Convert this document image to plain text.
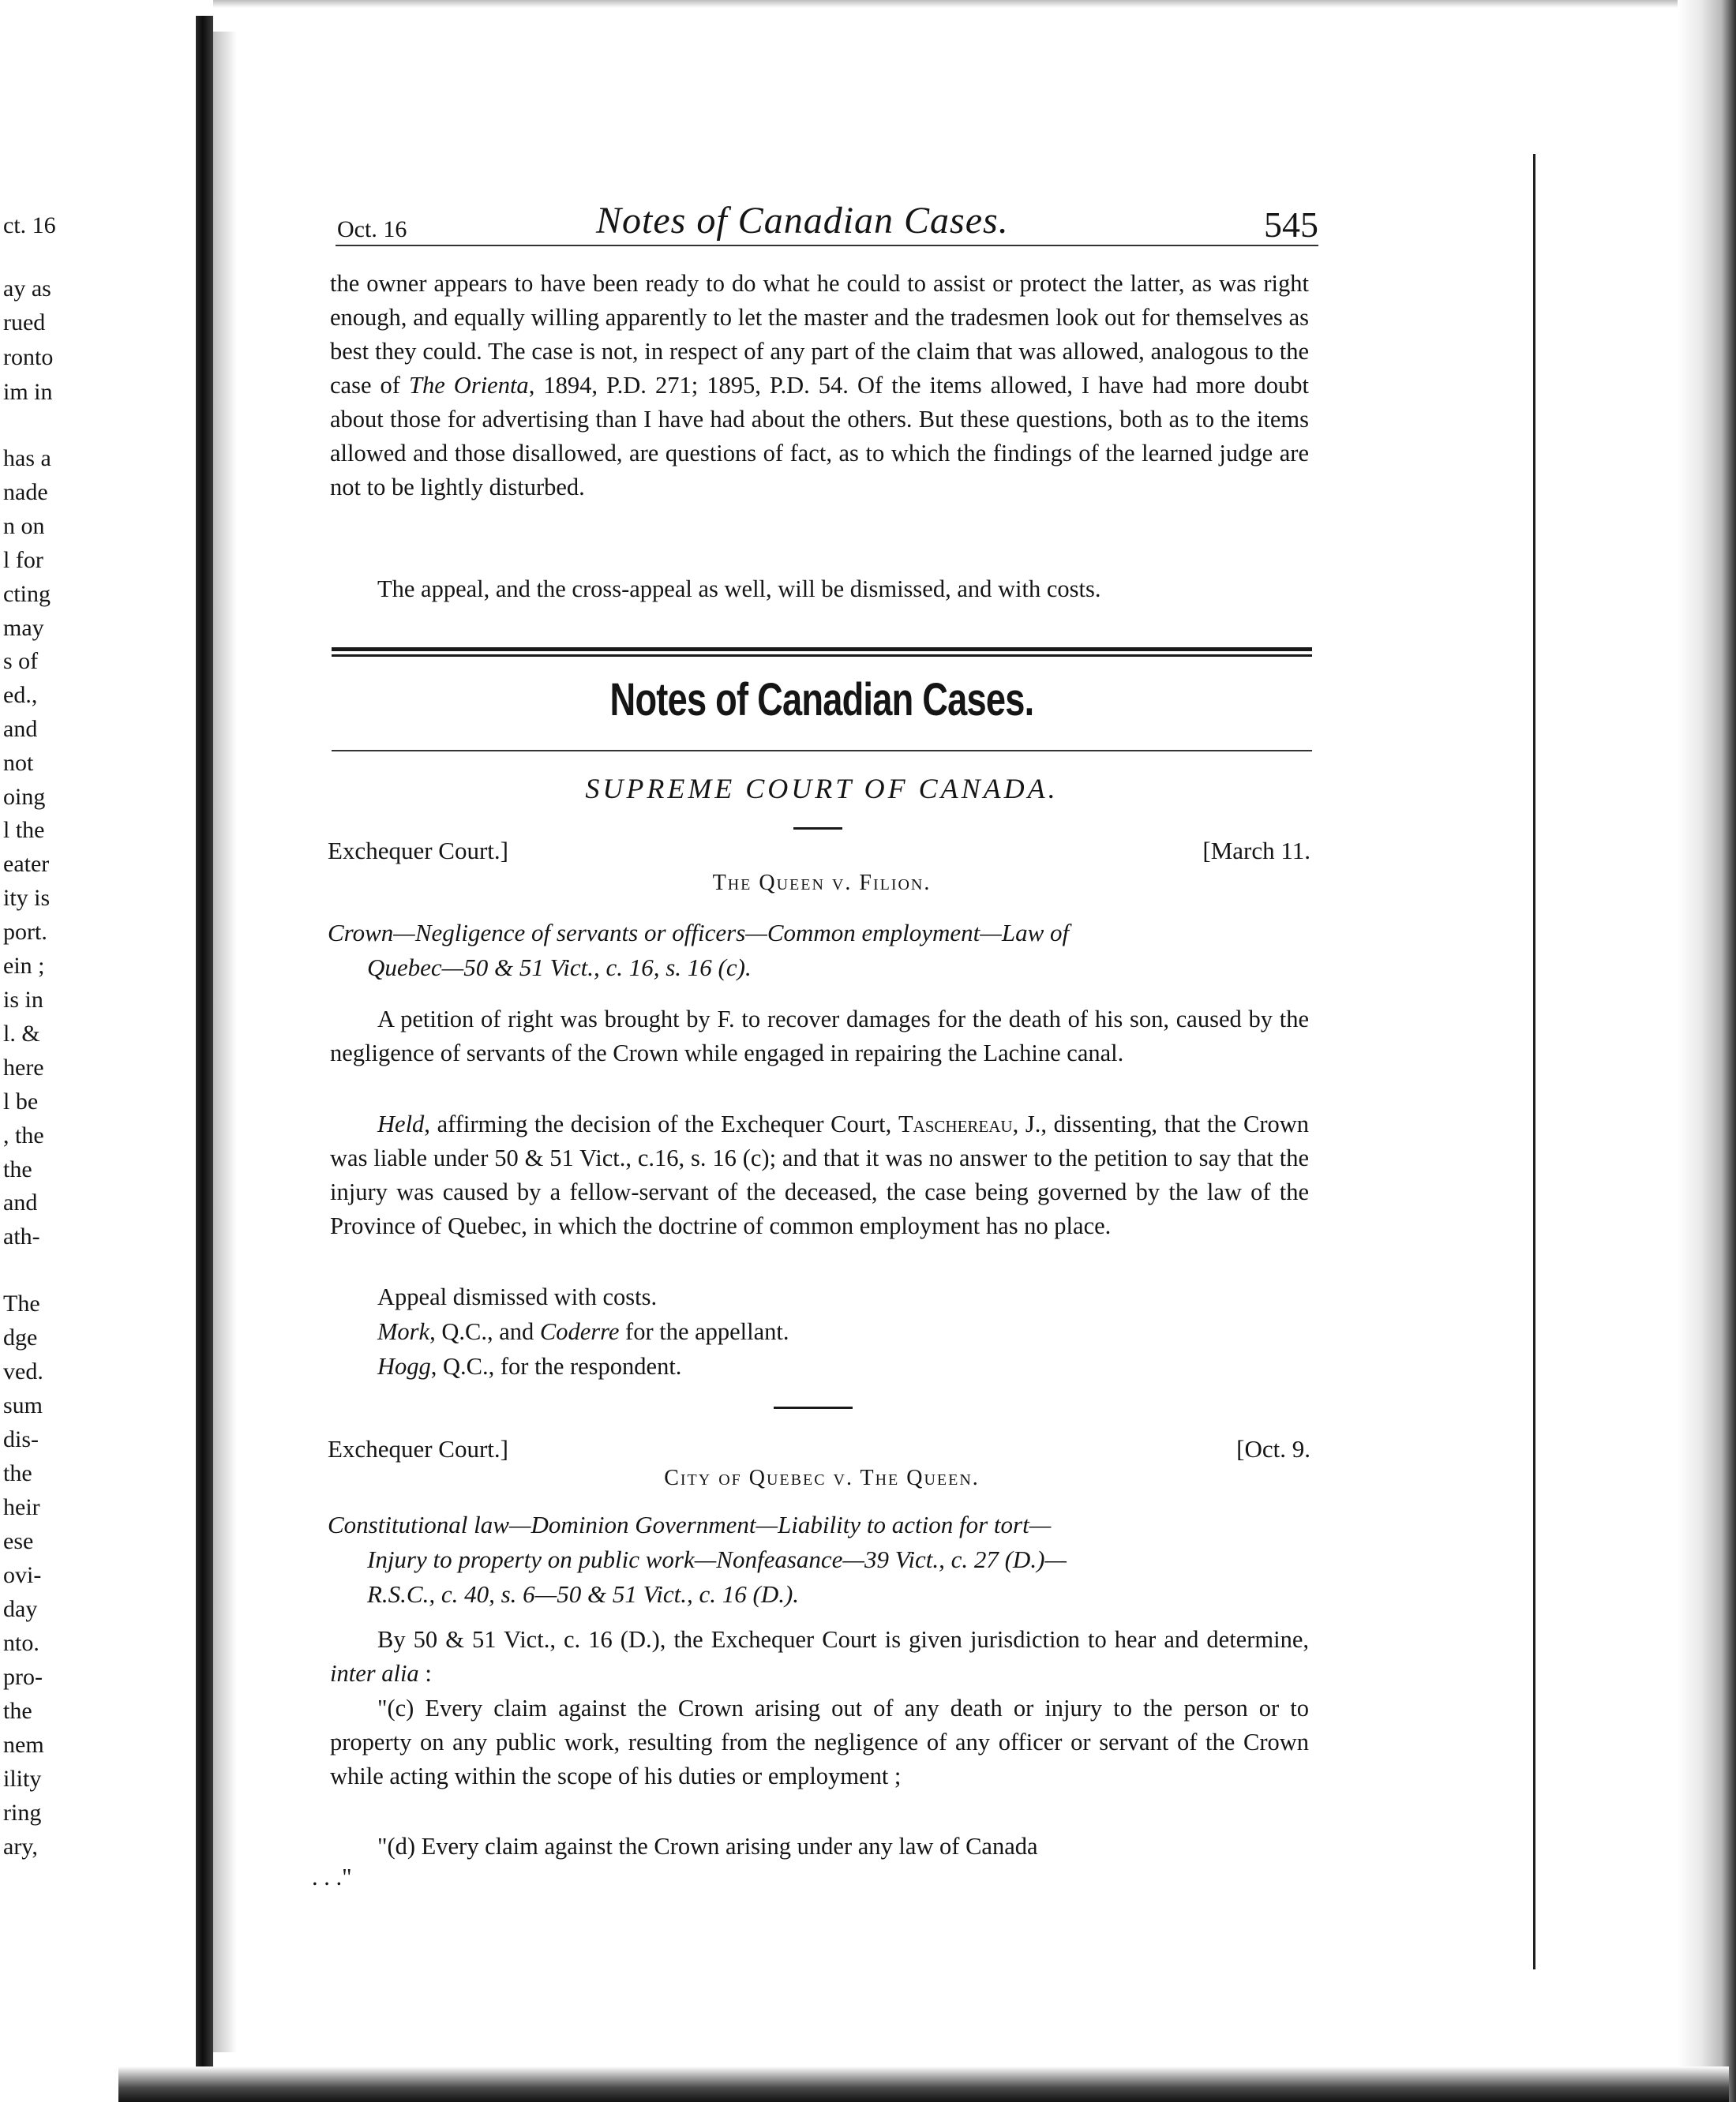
ct. 16
ay as
rued
ronto
im in
has a
nade
n on
l for
cting
may
s of
ed.,
and
not
oing
l the
eater
ity is
port.
ein ;
is in
l. &
here
l be
, the
the
and
ath-
The
dge
ved.
sum
dis-
the
heir
ese
ovi-
day
nto.
pro-
the
nem
ility
ring
ary,
Oct. 16	Notes of Canadian Cases.	545

the owner appears to have been ready to do what he could to assist or protect the latter, as was right enough, and equally willing apparently to let the master and the tradesmen look out for themselves as best they could. The case is not, in respect of any part of the claim that was allowed, analogous to the case of The Orienta, 1894, P.D. 271; 1895, P.D. 54. Of the items allowed, I have had more doubt about those for advertising than I have had about the others. But these questions, both as to the items allowed and those disallowed, are questions of fact, as to which the findings of the learned judge are not to be lightly disturbed.

The appeal, and the cross-appeal as well, will be dismissed, and with costs.

Notes of Canadian Cases.
SUPREME COURT OF CANADA.
Exchequer Court.]	[March 11.
The Queen v. Filion.

Crown—Negligence of servants or officers—Common employment—Law of
Quebec—50 & 51 Vict., c. 16, s. 16 (c).

A petition of right was brought by F. to recover damages for the death of his son, caused by the negligence of servants of the Crown while engaged in repairing the Lachine canal.

Held, affirming the decision of the Exchequer Court, Taschereau, J., dissenting, that the Crown was liable under 50 & 51 Vict., c.16, s. 16 (c); and that it was no answer to the petition to say that the injury was caused by a fellow-servant of the deceased, the case being governed by the law of the Province of Quebec, in which the doctrine of common employment has no place.

Appeal dismissed with costs.

Mork, Q.C., and Coderre for the appellant.

Hogg, Q.C., for the respondent.

Exchequer Court.]	[Oct. 9.
City of Quebec v. The Queen.

Constitutional law—Dominion Government—Liability to action for tort—
Injury to property on public work—Nonfeasance—39 Vict., c. 27 (D.)—
R.S.C., c. 40, s. 6—50 & 51 Vict., c. 16 (D.).

By 50 & 51 Vict., c. 16 (D.), the Exchequer Court is given jurisdiction to hear and determine, inter alia :

"(c) Every claim against the Crown arising out of any death or injury to the person or to property on any public work, resulting from the negligence of any officer or servant of the Crown while acting within the scope of his duties or employment ;

"(d) Every claim against the Crown arising under any law of Canada

. . ."
